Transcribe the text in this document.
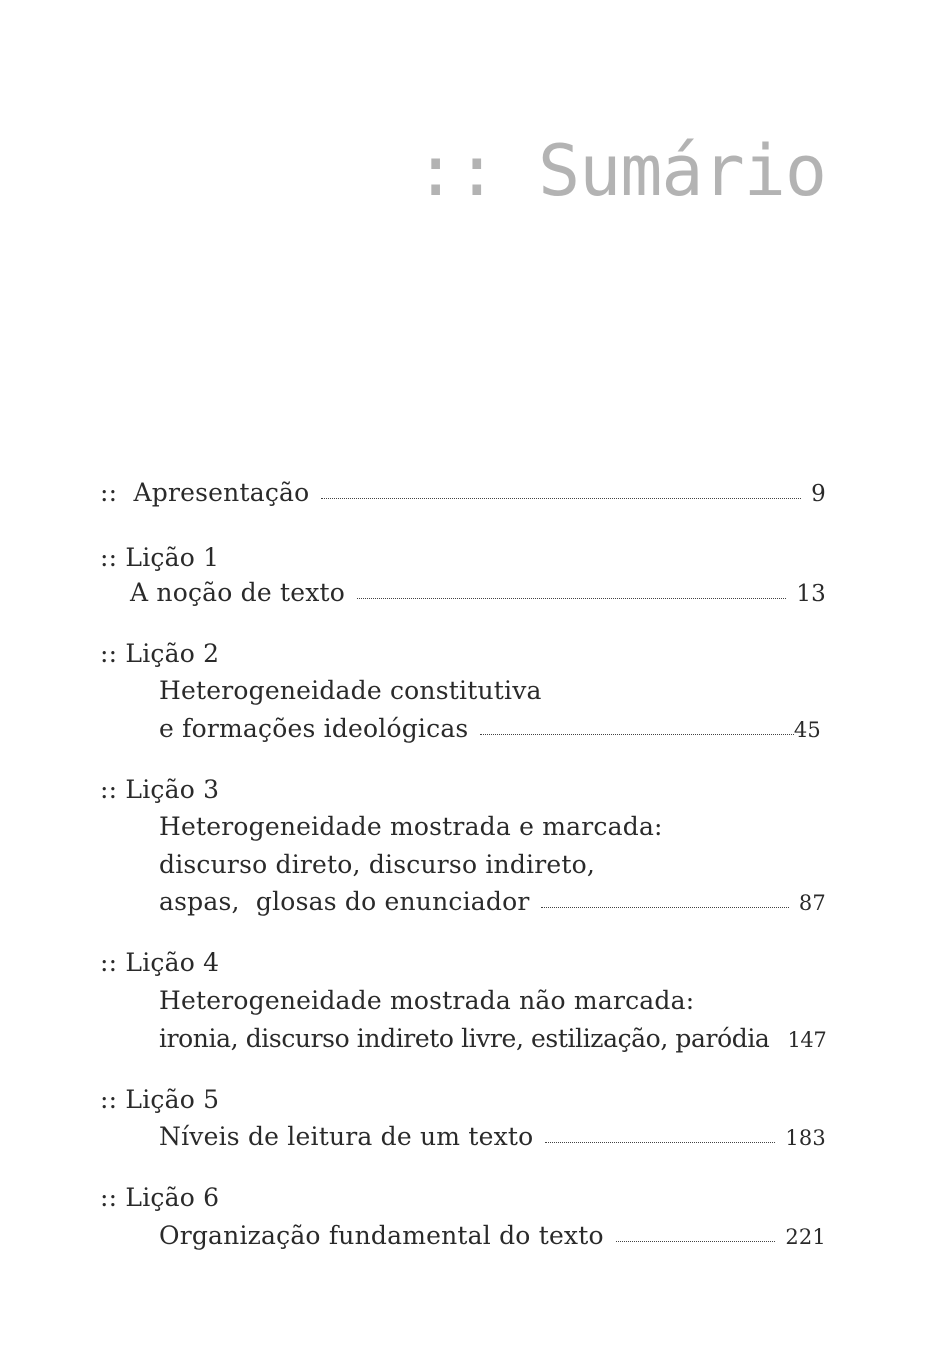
:: Sumário
:: Apresentação	9
:: Lição 1
A noção de texto	13
:: Lição 2
Heterogeneidade constitutiva
e formações ideológicas	45
:: Lição 3
Heterogeneidade mostrada e marcada:
discurso direto, discurso indireto,
aspas,  glosas do enunciador	87
:: Lição 4
Heterogeneidade mostrada não marcada:
ironia, discurso indireto livre, estilização, paródia 147
:: Lição 5
Níveis de leitura de um texto	183
:: Lição 6
Organização fundamental do texto	221
